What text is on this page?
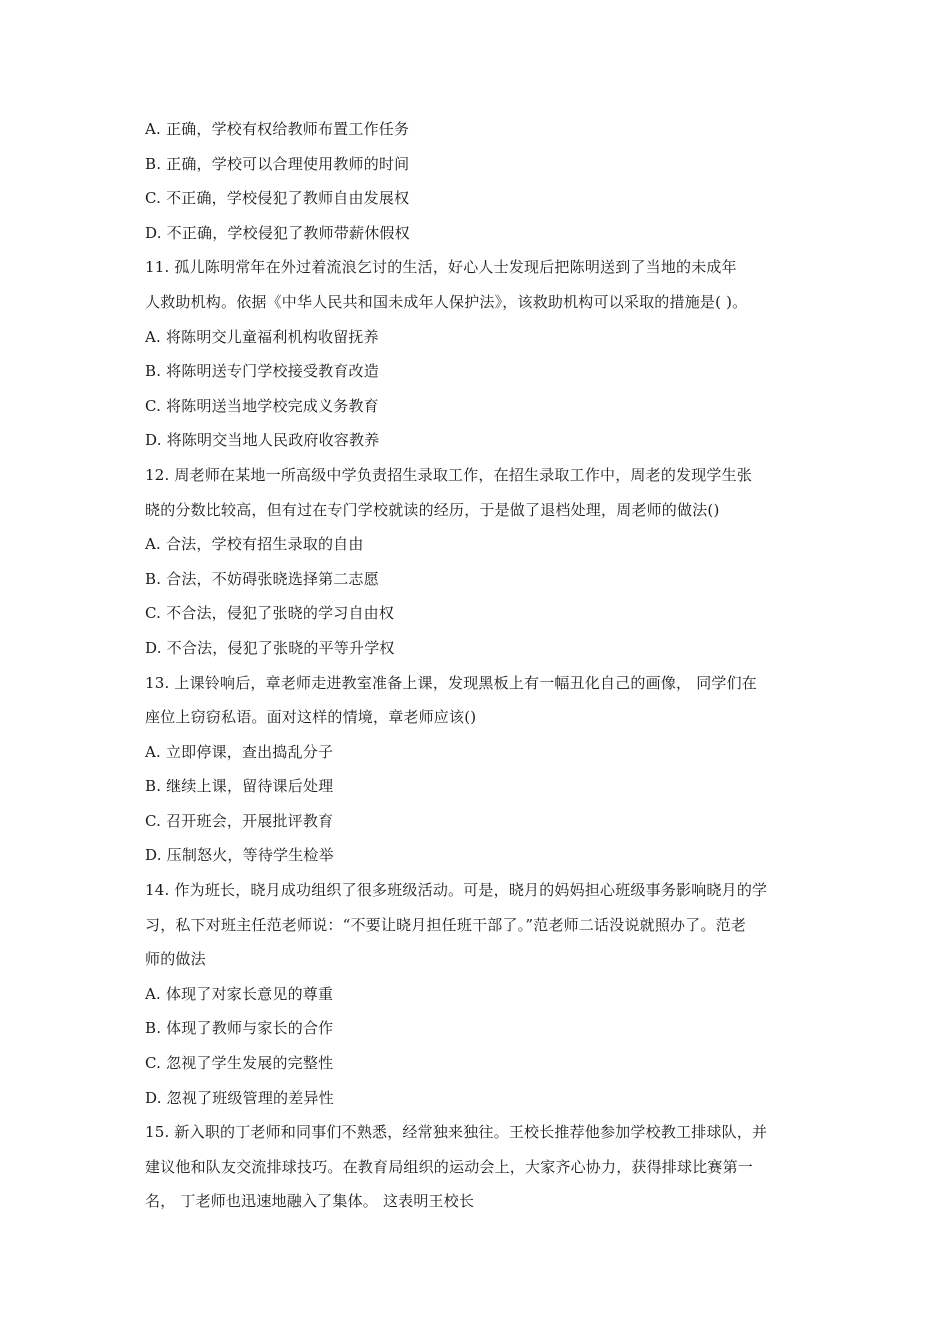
A. 正确，学校有权给教师布置工作任务
B. 正确，学校可以合理使用教师的时间
C. 不正确，学校侵犯了教师自由发展权
D. 不正确，学校侵犯了教师带薪休假权
11. 孤儿陈明常年在外过着流浪乞讨的生活，好心人士发现后把陈明送到了当地的未成年
人救助机构。依据《中华人民共和国未成年人保护法》，该救助机构可以采取的措施是( )。
A. 将陈明交儿童福利机构收留抚养
B. 将陈明送专门学校接受教育改造
C. 将陈明送当地学校完成义务教育
D. 将陈明交当地人民政府收容教养
12. 周老师在某地一所高级中学负责招生录取工作，在招生录取工作中，周老的发现学生张
晓的分数比较高，但有过在专门学校就读的经历，于是做了退档处理，周老师的做法()
A. 合法，学校有招生录取的自由
B. 合法，不妨碍张晓选择第二志愿
C. 不合法，侵犯了张晓的学习自由权
D. 不合法，侵犯了张晓的平等升学权
13. 上课铃响后，章老师走进教室准备上课，发现黑板上有一幅丑化自己的画像， 同学们在
座位上窃窃私语。面对这样的情境，章老师应该()
A. 立即停课，查出捣乱分子
B. 继续上课，留待课后处理
C. 召开班会，开展批评教育
D. 压制怒火，等待学生检举
14. 作为班长，晓月成功组织了很多班级活动。可是，晓月的妈妈担心班级事务影响晓月的学
习，私下对班主任范老师说：“不要让晓月担任班干部了。”范老师二话没说就照办了。范老
师的做法
A. 体现了对家长意见的尊重
B. 体现了教师与家长的合作
C. 忽视了学生发展的完整性
D. 忽视了班级管理的差异性
15. 新入职的丁老师和同事们不熟悉，经常独来独往。王校长推荐他参加学校教工排球队，并
建议他和队友交流排球技巧。在教育局组织的运动会上，大家齐心协力，获得排球比赛第一
名， 丁老师也迅速地融入了集体。 这表明王校长
